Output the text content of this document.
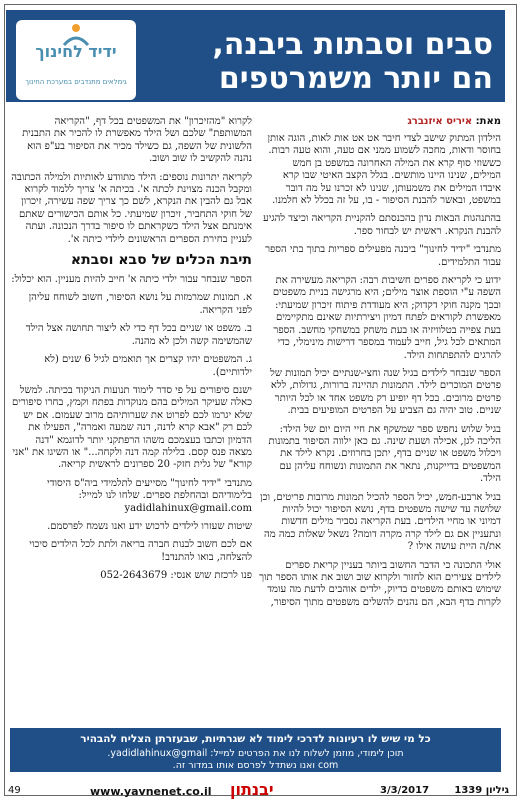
ידיד לחינוך
גימלאים מתנדבים במערכת החינוך
סבים וסבתות ביבנה,
הם יותר משמרטפים
מאת: איריס איזנברג

הילדון המתוק שישב לצדי חיבר אט אט אות לאות, הוגה אותן בחוסר ודאות, מחכה לשמוע ממני אם טעה, והוא טעה רבות. כששוזי סוף קרא את המילה האחרונה במשפט בן חמש המילים, שנינו היינו מותשים. בגלל הקצב האיטי שבו קרא איבדו המילים את משמעותן, שנינו לא זכרנו על מה דובר במשפט, ובאשר להבנת הסיפור - בו, על זה בכלל לא חלמנו.

בהתנהגות הבאות נדון בהכנסתם להקניית הקריאה וכיצד להגיע להבנת הנקרא. ראשית יש לבחור ספר.

מתנדבי "ידיד לחינוך" ביבנה מפעילים ספריות בתוך בתי הספר עבור התלמידים.

ידוע כי לקריאת ספרים חשיבות רבה: הקריאה מעשירה את השפה ע"י הוספת אוצר מילים; היא מרגישה בניית משפטים ובכך מקנה חוקי דקדוק; היא מעודדת פיתוח זיכרון שמיעתי: מאפשרת לקוראים לפתח דמיון ויצירתיות שאינם מתקיימים בעת צפייה בטלוויזיה או בעת משחק במשחקי מחשב. הספר המתאים לכל גיל, חייב לעמוד במספר דרישות מינימלי, כדי להרגים להתפתחות הילד.

הספר שנבחר לילדים בגיל שנה וחצי-שנתיים יכיל תמונות של פרטים המוכרים לילד. התמונות תהיינה ברורות, גדולות, ללא פרטים מרובים. בכל דף יופיע רק משפט אחד או לכל היותר שניים. טוב יהיה גם הצביע על הפרטים המופיעים בבית.

בגיל שלוש נחפש ספר שמשקף את חיי היום יום של הילד: הליכה לגן, אכילה ושעת שינה. גם כאן ילווה הסיפור בתמונות ויכלול משפט או שניים בדף, יתכן בחרוזים. נקרא לילד את המשפטים בדייקנות, נתאר את התמונות ונשוחח עליהן עם הילד.

בגיל ארבע-חמש, יכיל הספר להכיל תמונות מרובות פריטים, וכן שלושה עד שישה משפטים בדף, נושא הסיפור יכול להיות דמיוני או מחיי הילדים. בעת הקריאה נסביר מילים חדשות ונתעניין אם גם לילד קרה מקרה דומה? נשאל שאלות כמה מה את/ה היית עושה אילו ?

אולי התכונה כי הדבר החשוב ביותר בעניין קריאת ספרים לילדים צעירים הוא לחזור ולקרוא שוב ושוב את אותו הספר תוך שימוש באותם משפטים בדיוק, ילדים אוהבים לדעת מה עומד לקרות בדף הבא, הם נהנים להשלים משפטים מתוך הסיפור,

לקרוא "מהזיכרון" את המשפטים בכל דף, "הקריאה המשותפת" שלכם ושל הילד מאפשרת לו להכיר את התבנית הלשונית של השפה, גם כשילד מכיר את הסיפור בע"פ הוא נהנה להקשיב לו שוב ושוב.

לקריאה יתרונות נוספים: הילד מתוודע לאותיות ולמילה הכתובה ומקבל הכנה מצוינת לכתה א'. בכיתה א' צריך ללמוד לקרוא אבל גם להבין את הנקרא, לשם כך צריך שפה עשירה, זיכרון של חוקי התחביר, זיכרון שמיעתי. כל אותם הכישורים שאתם אימנתם אצל הילד כשקראתם לו סיפור בדרך הנכונה. ועתה לעניין בחירת הספרים הראשונים לילדי כיתה א'.

תיבת הכלים של סבא וסבתא

הספר שנבחר עבור ילדי כיתה א' חייב להיות מעניין. הוא יכלול:

א. תמונות שמרמזות על נושא הסיפור, חשוב לשוחח עליהן לפני הקריאה.

ב. משפט או שניים בכל דף כדי לא ליצור תחושה אצל הילד שהמשימה קשה ולכן לא מהנה.

ג. המשפטים יהיו קצרים אך תואמים לגיל 6 שנים (לא ילדותיים).

ישנם סיפורים על פי סדר לימוד תנועות הניקוד בכיתה. למשל כאלה שעיקר המילים בהם מנוקדות בפתח וקמץ, בחרו סיפורים שלא יגרמו לכם לפרוט את שערותיהם מרוב שעמום. אם יש לכם רק "אבא קרא לדנה, דנה שמעה ואמרה", הפעילו את הדמיון וכתבו בעצמכם משהו הרפתקני יותר לדוגמא "דנה מצאה פנס קסם. בלילה קמה דנה ולקחה..." או השיגו את "אני קורא" של גלית חזק- 20 ספרונים לראשית קריאה.

מתנדבי "ידיד לחינוך" מסייעים לתלמידי ביה"ס היסודי בלימודיהם ובהחלפת ספרים. שלחו לנו למייל: yadidlahinux@gmail.com

שיטות שעזרו לילדים לרכוש ידע ואנו נשמח לפרסמם.

אם לכם חשוב לבנות חברה בריאה ולתת לכל הילדים סיכוי להצלחה, בואו להתנדב!

פנו לרכזת שוש אנסי: 052-2643679

כל מי שיש לו רעיונות לדרכי לימוד לא שגרתיות, שבעזרתן הצליח להבהיר
תוכן לימודי, מוזמן לשלוח לנו את הפרטים למייל: yadidlahinux@gmail.
com ואנו נשתדל לפרסם אותו במדור זה.
49	www.yavnenet.co.il יבנתון	3/3/2017	גיליון 1339
